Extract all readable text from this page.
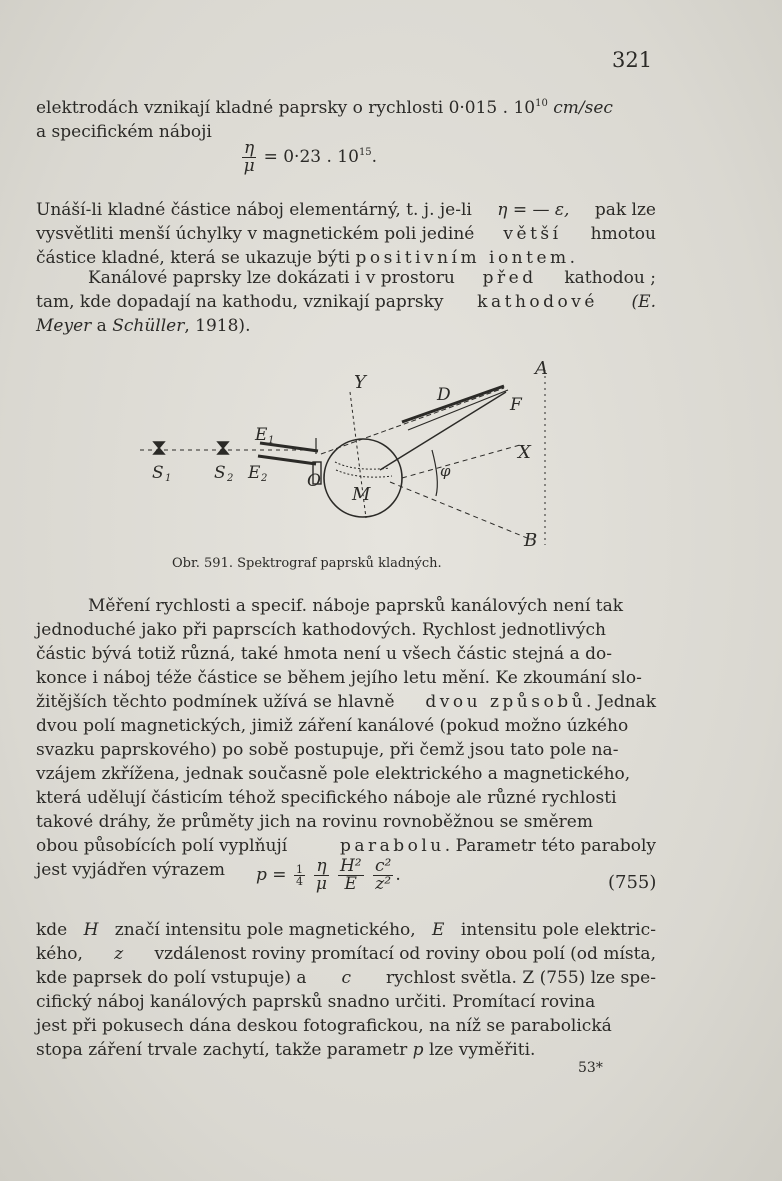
321
elektrodách vznikají kladné paprsky o rychlosti 0·015 . $10^{10}$ cm/sec
a specifickém náboji
$\frac{\eta}{\mu} = 0\cdot 23$ . $10^{15}$.
Unáší-li kladné částice náboj elementárný, t. j. je-li η = — ε, pak lze
vysvětliti menší úchylky v magnetickém poli jediné větší hmotou
částice kladné, která se ukazuje býti positivním iontem.
Kanálové paprsky lze dokázati i v prostoru před kathodou ;
tam, kde dopadají na kathodu, vznikají paprsky kathodové (E.
Meyer a Schüller, 1918).
Y
A
D	F
E 1
E 2
S 1	S 2	O
M
X
B
φ
Obr. 591. Spektrograf paprsků kladných.
Měření rychlosti a specif. náboje paprsků kanálových není tak
jednoduché jako při paprscích kathodových. Rychlost jednotlivých
částic bývá totiž různá, také hmota není u všech částic stejná a do-
konce i náboj téže částice se během jejího letu mění. Ke zkoumání slo-
žitějších těchto podmínek užívá se hlavně dvou způsobů. Jednak
dvou polí magnetických, jimiž záření kanálové (pokud možno úzkého
svazku paprskového) po sobě postupuje, při čemž jsou tato pole na-
vzájem zkřížena, jednak současně pole elektrického a magnetického,
která udělují částicím téhož specifického náboje ale různé rychlosti
takové dráhy, že průměty jich na rovinu rovnoběžnou se směrem
obou působících polí vyplňují	parabolu. Parametr této paraboly
jest vyjádřen výrazem	$p = \frac{1}{4}$
$\frac{\eta}{\mu}$
$\frac{\text{H²}}{E}$
$\frac{\text{c²}}{\text{z²}}$ .	(755)
kde H značí intensitu pole magnetického, E intensitu pole elektric-
kého, z vzdálenost roviny promítací od roviny obou polí (od místa,
kde paprsek do polí vstupuje) a c rychlost světla. Z (755) lze spe-
cifický náboj kanálových paprsků snadno určiti. Promítací rovina
jest při pokusech dána deskou fotografickou, na níž se parabolická
stopa záření trvale zachytí, takže parametr p lze vyměřiti.
53*
